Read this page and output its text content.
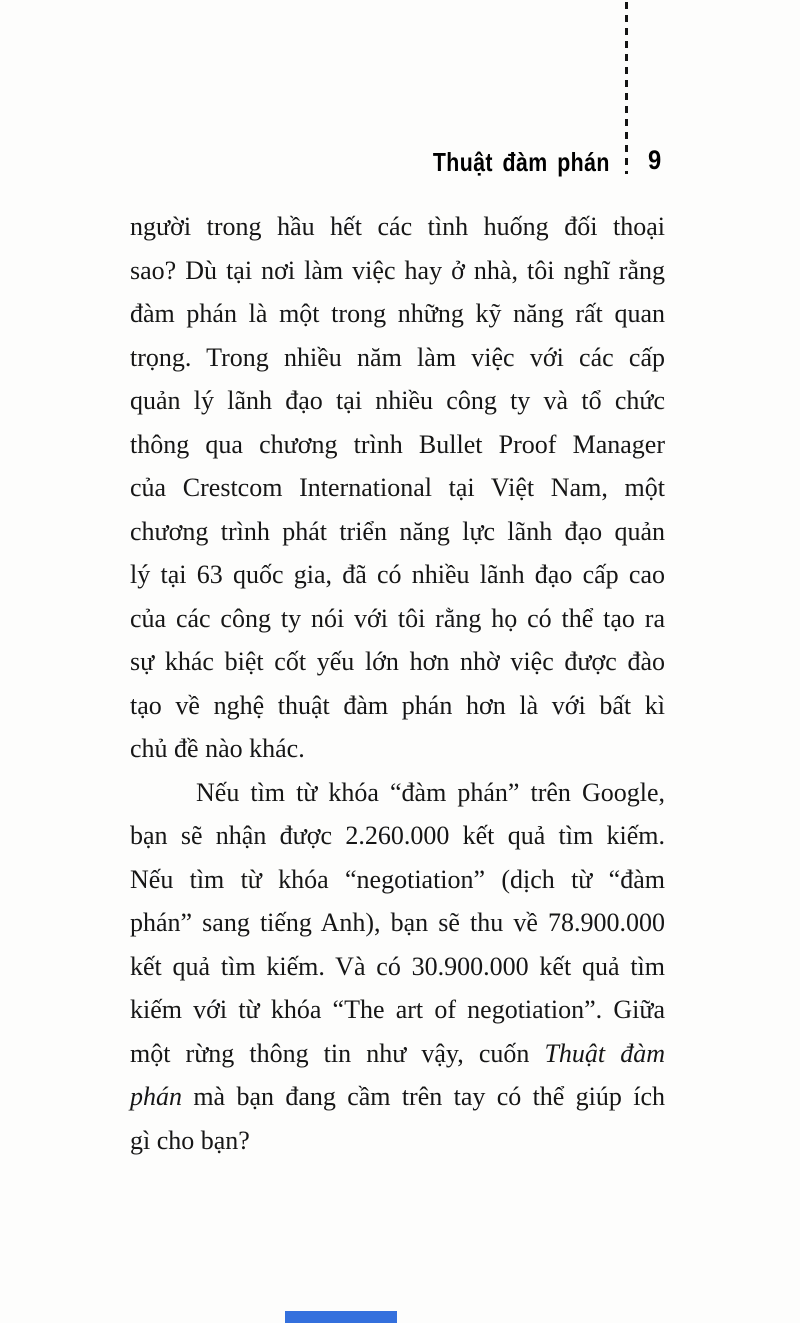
Thuật đàm phán 9
người trong hầu hết các tình huống đối thoại
sao? Dù tại nơi làm việc hay ở nhà, tôi nghĩ rằng
đàm phán là một trong những kỹ năng rất quan
trọng. Trong nhiều năm làm việc với các cấp
quản lý lãnh đạo tại nhiều công ty và tổ chức
thông qua chương trình Bullet Proof Manager
của Crestcom International tại Việt Nam, một
chương trình phát triển năng lực lãnh đạo quản
lý tại 63 quốc gia, đã có nhiều lãnh đạo cấp cao
của các công ty nói với tôi rằng họ có thể tạo ra
sự khác biệt cốt yếu lớn hơn nhờ việc được đào
tạo về nghệ thuật đàm phán hơn là với bất kì
chủ đề nào khác.
Nếu tìm từ khóa “đàm phán” trên Google,
bạn sẽ nhận được 2.260.000 kết quả tìm kiếm.
Nếu tìm từ khóa “negotiation” (dịch từ “đàm
phán” sang tiếng Anh), bạn sẽ thu về 78.900.000
kết quả tìm kiếm. Và có 30.900.000 kết quả tìm
kiếm với từ khóa “The art of negotiation”. Giữa
một rừng thông tin như vậy, cuốn Thuật đàm
phán mà bạn đang cầm trên tay có thể giúp ích
gì cho bạn?
